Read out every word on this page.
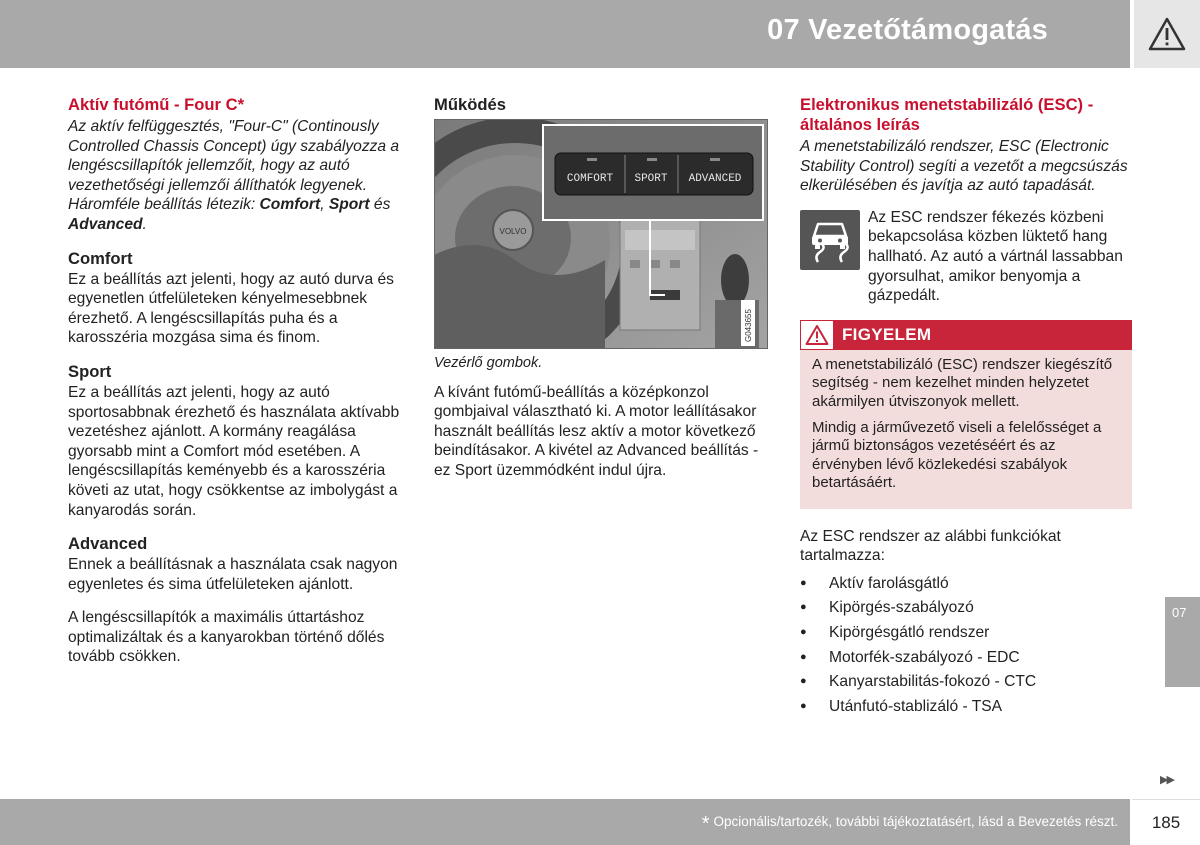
07 Vezetőtámogatás
Aktív futómű - Four C*

Az aktív felfüggesztés, "Four-C" (Continously Controlled Chassis Concept) úgy szabályozza a lengéscsillapítók jellemzőit, hogy az autó vezethetőségi jellemzői állíthatók legyenek. Háromféle beállítás létezik: Comfort, Sport és Advanced.

Comfort

Ez a beállítás azt jelenti, hogy az autó durva és egyenetlen útfelületeken kényelmesebbnek érezhető. A lengéscsillapítás puha és a karosszéria mozgása sima és finom.

Sport

Ez a beállítás azt jelenti, hogy az autó sportosabbnak érezhető és használata aktívabb vezetéshez ajánlott. A kormány reagálása gyorsabb mint a Comfort mód esetében. A lengéscsillapítás keményebb és a karosszéria követi az utat, hogy csökkentse az imbolygást a kanyarodás során.

Advanced

Ennek a beállításnak a használata csak nagyon egyenletes és sima útfelületeken ajánlott.

A lengéscsillapítók a maximális úttartáshoz optimalizáltak és a kanyarokban történő dőlés tovább csökken.

Működés
VOLVO
COMFORT SPORT ADVANCED
G043655
Vezérlő gombok.

A kívánt futómű-beállítás a középkonzol gombjaival választható ki. A motor leállításakor használt beállítás lesz aktív a motor következő beindításakor. A kivétel az Advanced beállítás - ez Sport üzemmódként indul újra.

Elektronikus menetstabilizáló (ESC) - általános leírás

A menetstabilizáló rendszer, ESC (Electronic Stability Control) segíti a vezetőt a megcsúszás elkerülésében és javítja az autó tapadását.

Az ESC rendszer fékezés közbeni bekapcsolása közben lüktető hang hallható. Az autó a vártnál lassabban gyorsulhat, amikor benyomja a gázpedált.

FIGYELEM

A menetstabilizáló (ESC) rendszer kiegészítő segítség - nem kezelhet minden helyzetet akármilyen útviszonyok mellett.

Mindig a járművezető viseli a felelősséget a jármű biztonságos vezetéséért és az érvényben lévő közlekedési szabályok betartásáért.

Az ESC rendszer az alábbi funkciókat tartalmazza:

● Aktív farolásgátló
● Kipörgés-szabályozó
● Kipörgésgátló rendszer
● Motorfék-szabályozó - EDC
● Kanyarstabilitás-fokozó - CTC
● Utánfutó-stablizáló - TSA
07
▶▶
* Opcionális/tartozék, további tájékoztatásért, lásd a Bevezetés részt.	185
